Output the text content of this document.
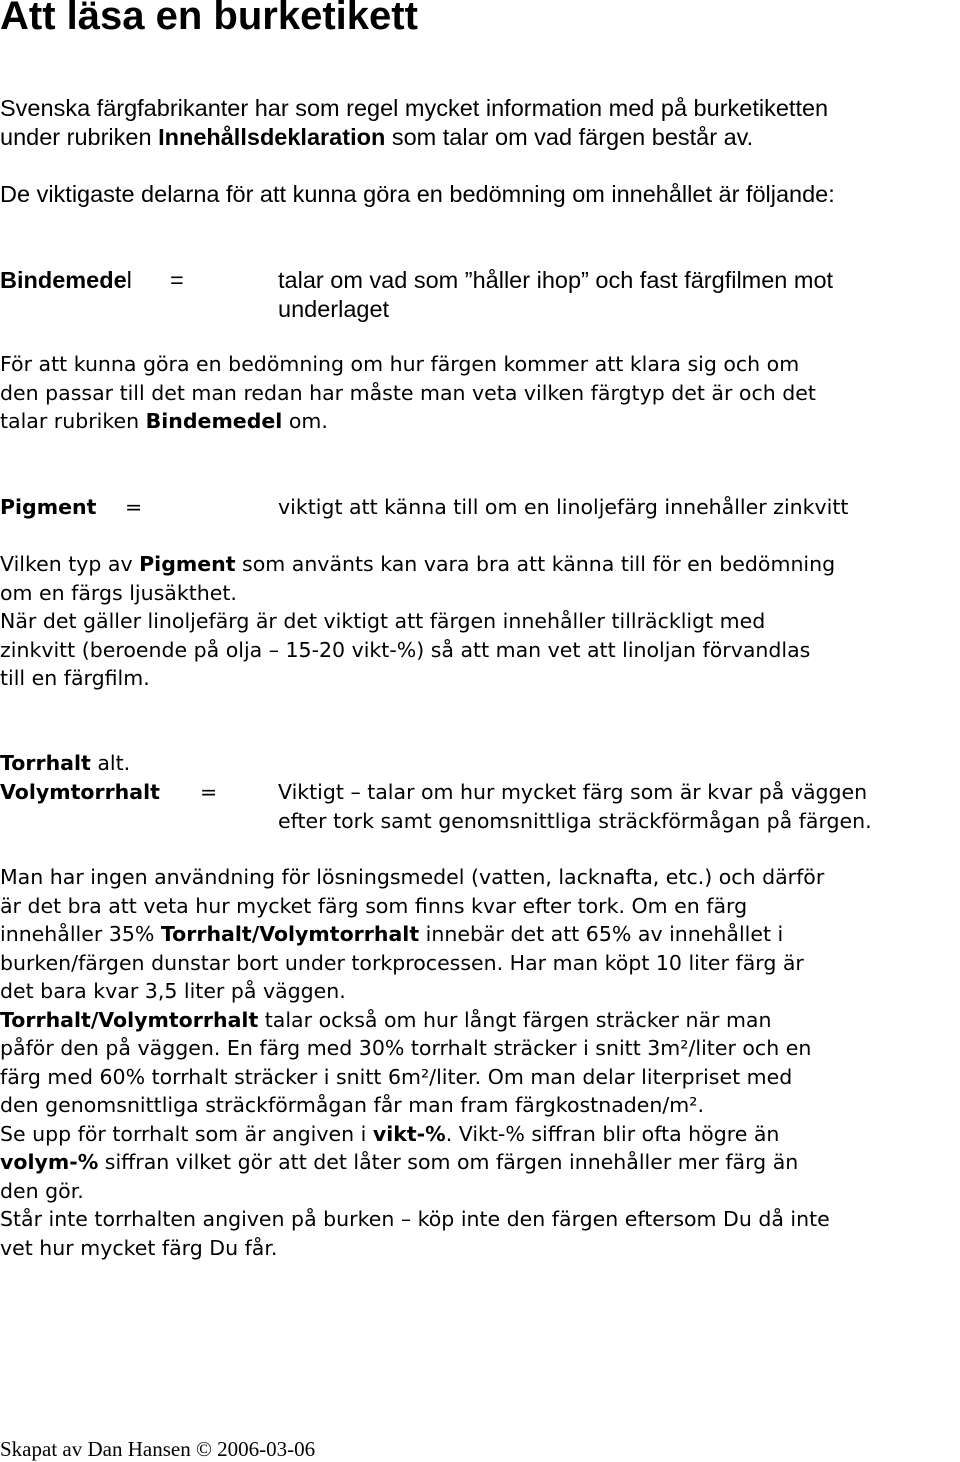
Att läsa en burketikett

Svenska färgfabrikanter har som regel mycket information med på burketiketten

under rubriken Innehållsdeklaration som talar om vad färgen består av.

De viktigaste delarna för att kunna göra en bedömning om innehållet är följande:
Bindemedel =	talar om vad som ”håller ihop” och fast färgfilmen mot

underlaget

För att kunna göra en bedömning om hur färgen kommer att klara sig och om

den passar till det man redan har måste man veta vilken färgtyp det är och det

talar rubriken Bindemedel om.

Pigment =	viktigt att känna till om en linoljefärg innehåller zinkvitt

Vilken typ av Pigment som använts kan vara bra att känna till för en bedömning

om en färgs ljusäkthet.

När det gäller linoljefärg är det viktigt att färgen innehåller tillräckligt med

zinkvitt (beroende på olja – 15-20 vikt-%) så att man vet att linoljan förvandlas

till en färgfilm.

Torrhalt alt.

Volymtorrhalt =	Viktigt – talar om hur mycket färg som är kvar på väggen

efter tork samt genomsnittliga sträckförmågan på färgen.

Man har ingen användning för lösningsmedel (vatten, lacknafta, etc.) och därför

är det bra att veta hur mycket färg som finns kvar efter tork. Om en färg

innehåller 35% Torrhalt/Volymtorrhalt innebär det att 65% av innehållet i

burken/färgen dunstar bort under torkprocessen. Har man köpt 10 liter färg är

det bara kvar 3,5 liter på väggen.

Torrhalt/Volymtorrhalt talar också om hur långt färgen sträcker när man

påför den på väggen. En färg med 30% torrhalt sträcker i snitt 3m²/liter och en

färg med 60% torrhalt sträcker i snitt 6m²/liter. Om man delar literpriset med

den genomsnittliga sträckförmågan får man fram färgkostnaden/m².

Se upp för torrhalt som är angiven i vikt-%. Vikt-% siffran blir ofta högre än

volym-% siffran vilket gör att det låter som om färgen innehåller mer färg än

den gör.

Står inte torrhalten angiven på burken – köp inte den färgen eftersom Du då inte

vet hur mycket färg Du får.

Skapat av Dan Hansen © 2006-03-06
